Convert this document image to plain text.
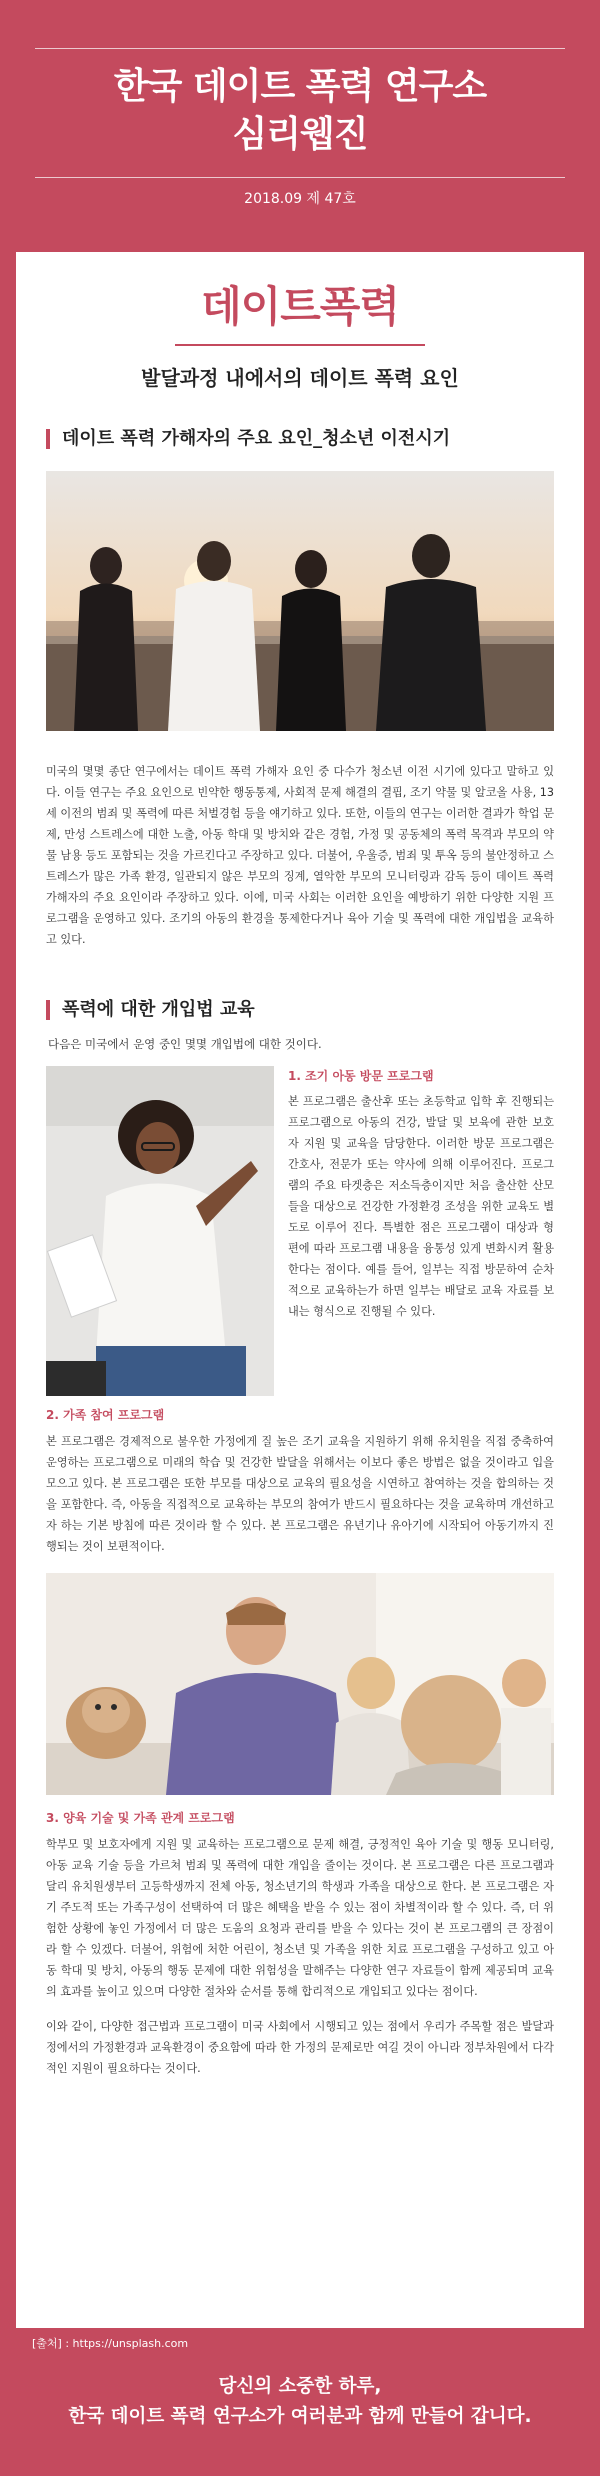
한국 데이트 폭력 연구소
심리웹진
2018.09 제 47호
데이트폭력
발달과정 내에서의 데이트 폭력 요인
데이트 폭력 가해자의 주요 요인_청소년 이전시기
미국의 몇몇 종단 연구에서는 데이트 폭력 가해자 요인 중 다수가 청소년 이전 시기에 있다고 말하고 있다. 이들 연구는 주요 요인으로 빈약한 행동통제, 사회적 문제 해결의 결핍, 조기 약물 및 알코올 사용, 13세 이전의 범죄 및 폭력에 따른 처벌경험 등을 얘기하고 있다. 또한, 이들의 연구는 이러한 결과가 학업 문제, 만성 스트레스에 대한 노출, 아동 학대 및 방치와 같은 경험, 가정 및 공동체의 폭력 목격과 부모의 약물 남용 등도 포함되는 것을 가르킨다고 주장하고 있다. 더불어, 우울증, 범죄 및 투옥 등의 불안정하고 스트레스가 많은 가족 환경, 일관되지 않은 부모의 징계, 열악한 부모의 모니터링과 감독 등이 데이트 폭력 가해자의 주요 요인이라 주장하고 있다. 이에, 미국 사회는 이러한 요인을 예방하기 위한 다양한 지원 프로그램을 운영하고 있다. 조기의 아동의 환경을 통제한다거나 육아 기술 및 폭력에 대한 개입법을 교육하고 있다.
폭력에 대한 개입법 교육
다음은 미국에서 운영 중인 몇몇 개입법에 대한 것이다.
1. 조기 아동 방문 프로그램
본 프로그램은 출산후 또는 초등학교 입학 후 진행되는 프로그램으로 아동의 건강, 발달 및 보육에 관한 보호자 지원 및 교육을 담당한다. 이러한 방문 프로그램은 간호사, 전문가 또는 약사에 의해 이루어진다. 프로그램의 주요 타겟층은 저소득층이지만 처음 출산한 산모들을 대상으로 건강한 가정환경 조성을 위한 교육도 별도로 이루어 진다. 특별한 점은 프로그램이 대상과 형편에 따라 프로그램 내용을 융통성 있게 변화시켜 활용한다는 점이다. 예를 들어, 일부는 직접 방문하여 순차적으로 교육하는가 하면 일부는 배달로 교육 자료를 보내는 형식으로 진행될 수 있다.
2. 가족 참여 프로그램
본 프로그램은 경제적으로 불우한 가정에게 질 높은 조기 교육을 지원하기 위해 유치원을 직접 중축하여 운영하는 프로그램으로 미래의 학습 및 건강한 발달을 위해서는 이보다 좋은 방법은 없을 것이라고 입을 모으고 있다. 본 프로그램은 또한 부모를 대상으로 교육의 필요성을 시연하고 참여하는 것을 합의하는 것을 포함한다. 즉, 아동을 직접적으로 교육하는 부모의 참여가 반드시 필요하다는 것을 교육하며 개선하고자 하는 기본 방침에 따른 것이라 할 수 있다. 본 프로그램은 유년기나 유아기에 시작되어 아동기까지 진행되는 것이 보편적이다.
3. 양육 기술 및 가족 관계 프로그램
학부모 및 보호자에게 지원 및 교육하는 프로그램으로 문제 해결, 긍정적인 육아 기술 및 행동 모니터링, 아동 교육 기술 등을 가르쳐 범죄 및 폭력에 대한 개입을 줄이는 것이다. 본 프로그램은 다른 프로그램과 달리 유치원생부터 고등학생까지 전체 아동, 청소년기의 학생과 가족을 대상으로 한다. 본 프로그램은 자기 주도적 또는 가족구성이 선택하여 더 많은 혜택을 받을 수 있는 점이 차별적이라 할 수 있다. 즉, 더 위험한 상황에 놓인 가정에서 더 많은 도움의 요청과 관리를 받을 수 있다는 것이 본 프로그램의 큰 장점이라 할 수 있겠다. 더불어, 위험에 처한 어린이, 청소년 및 가족을 위한 치료 프로그램을 구성하고 있고 아동 학대 및 방치, 아동의 행동 문제에 대한 위험성을 말해주는 다양한 연구 자료들이 함께 제공되며 교육의 효과를 높이고 있으며 다양한 절차와 순서를 통해 합리적으로 개입되고 있다는 점이다.
이와 같이, 다양한 접근법과 프로그램이 미국 사회에서 시행되고 있는 점에서 우리가 주목할 점은 발달과정에서의 가정환경과 교육환경이 중요함에 따라 한 가정의 문제로만 여길 것이 아니라 정부차원에서 다각적인 지원이 필요하다는 것이다.
[출처] : https://unsplash.com
당신의 소중한 하루,
한국 데이트 폭력 연구소가 여러분과 함께 만들어 갑니다.
